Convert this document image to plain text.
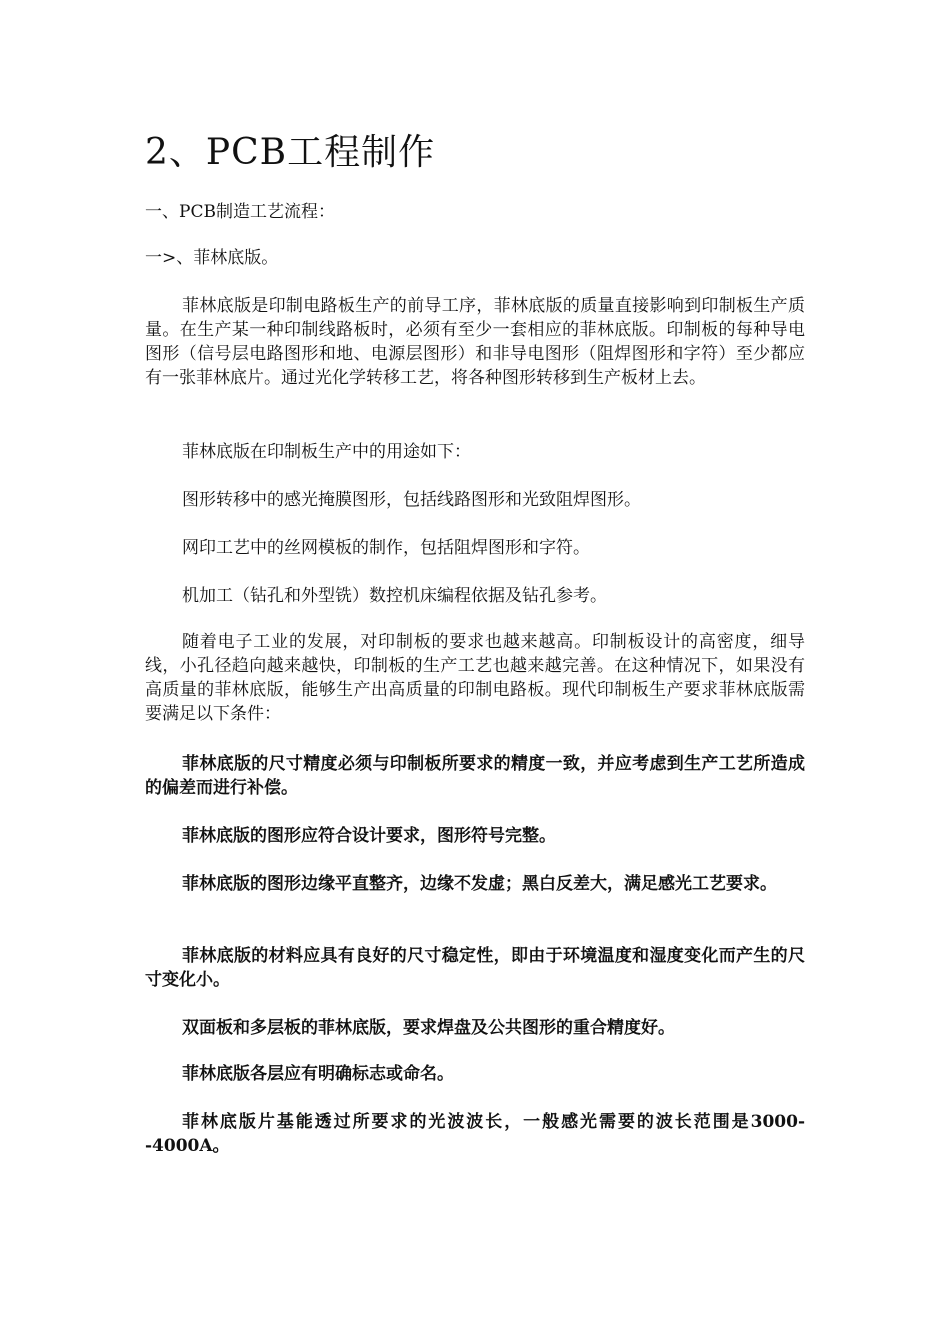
2、PCB工程制作

一、PCB制造工艺流程：

一>、菲林底版。

菲林底版是印制电路板生产的前导工序，菲林底版的质量直接影响到印制板生产质量。在生产某一种印制线路板时，必须有至少一套相应的菲林底版。印制板的每种导电图形（信号层电路图形和地、电源层图形）和非导电图形（阻焊图形和字符）至少都应有一张菲林底片。通过光化学转移工艺，将各种图形转移到生产板材上去。

菲林底版在印制板生产中的用途如下：

图形转移中的感光掩膜图形，包括线路图形和光致阻焊图形。

网印工艺中的丝网模板的制作，包括阻焊图形和字符。

机加工（钻孔和外型铣）数控机床编程依据及钻孔参考。

随着电子工业的发展，对印制板的要求也越来越高。印制板设计的高密度，细导线，小孔径趋向越来越快，印制板的生产工艺也越来越完善。在这种情况下，如果没有高质量的菲林底版，能够生产出高质量的印制电路板。现代印制板生产要求菲林底版需要满足以下条件：

菲林底版的尺寸精度必须与印制板所要求的精度一致，并应考虑到生产工艺所造成的偏差而进行补偿。

菲林底版的图形应符合设计要求，图形符号完整。

菲林底版的图形边缘平直整齐，边缘不发虚；黑白反差大，满足感光工艺要求。

菲林底版的材料应具有良好的尺寸稳定性，即由于环境温度和湿度变化而产生的尺寸变化小。

双面板和多层板的菲林底版，要求焊盘及公共图形的重合精度好。

菲林底版各层应有明确标志或命名。

菲林底版片基能透过所要求的光波波长，一般感光需要的波长范围是3000--4000A。
